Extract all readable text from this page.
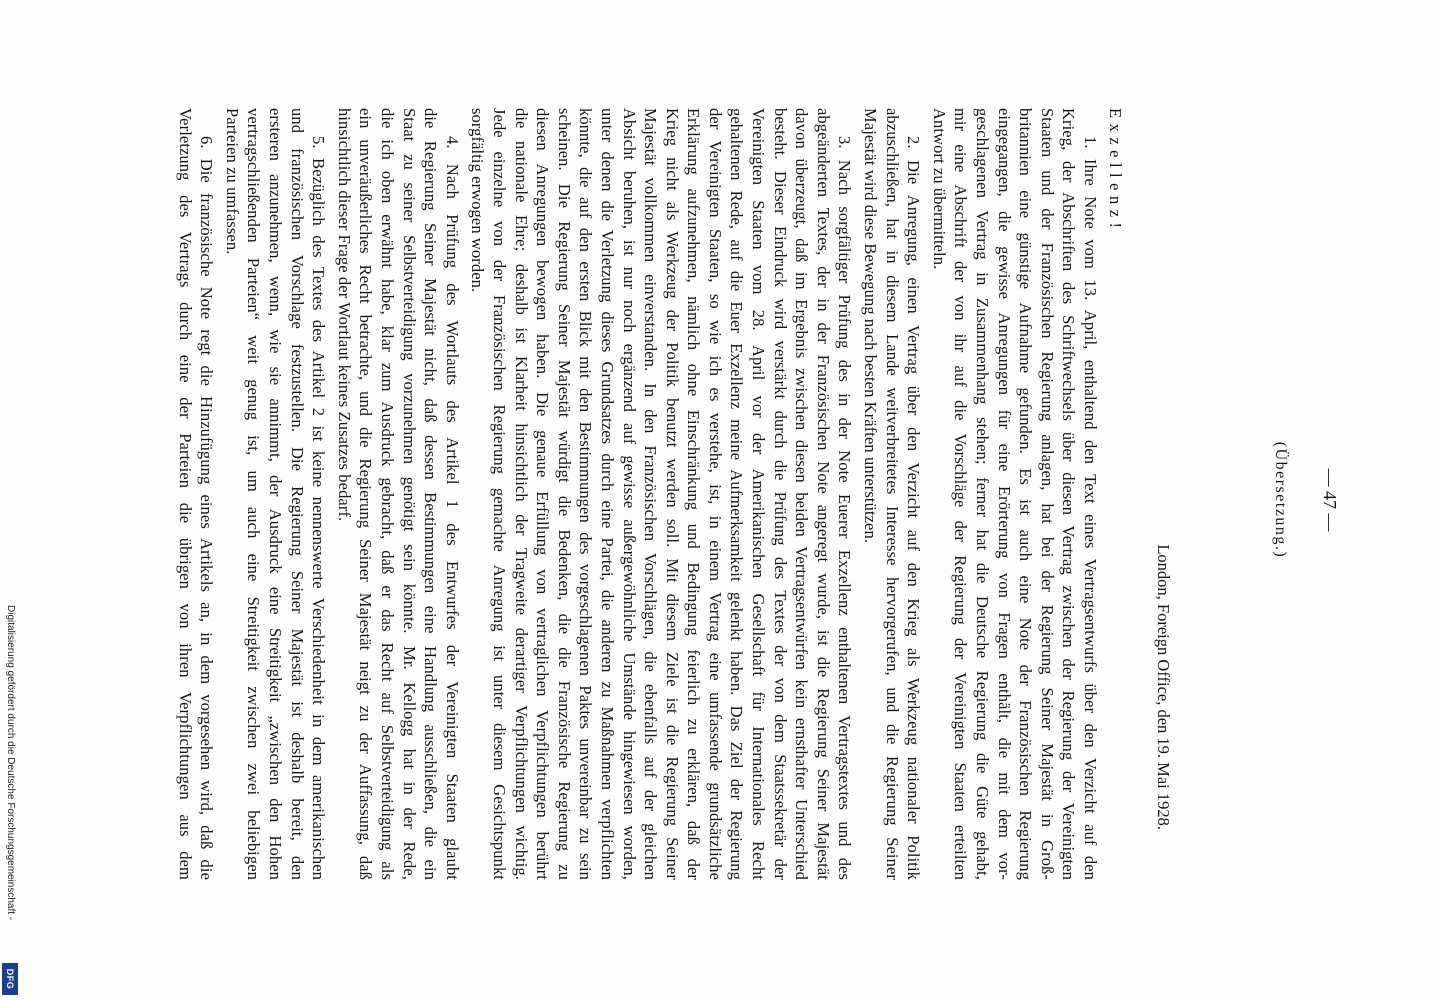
— 47 —
(Übersetzung.)
London, Foreign Office, den 19. Mai 1928.
Exzellenz!
1. Ihre Note vom 13. April, enthaltend den Text eines Vertragsentwurfs über den Verzicht auf den
Krieg, der Abschriften des Schriftwechsels über diesen Vertrag zwischen der Regierung der Vereinigten
Staaten und der Französischen Regierung anlagen, hat bei der Regierung Seiner Majestät in Groß-
britannien eine günstige Aufnahme gefunden. Es ist auch eine Note der Französischen Regierung
eingegangen, die gewisse Anregungen für eine Erörterung von Fragen enthält, die mit dem vor-
geschlagenen Vertrag in Zusammenhang stehen; ferner hat die Deutsche Regierung die Güte gehabt,
mir eine Abschrift der von ihr auf die Vorschläge der Regierung der Vereinigten Staaten erteilten
Antwort zu übermitteln.
2. Die Anregung, einen Vertrag über den Verzicht auf den Krieg als Werkzeug nationaler Politik
abzuschließen, hat in diesem Lande weitverbreitetes Interesse hervorgerufen, und die Regierung Seiner
Majestät wird diese Bewegung nach besten Kräften unterstützen.
3. Nach sorgfältiger Prüfung des in der Note Euerer Exzellenz enthaltenen Vertragstextes und des
abgeänderten Textes, der in der Französischen Note angeregt wurde, ist die Regierung Seiner Majestät
davon überzeugt, daß im Ergebnis zwischen diesen beiden Vertragsentwürfen kein ernsthafter Unterschied
besteht. Dieser Eindruck wird verstärkt durch die Prüfung des Textes der von dem Staatssekretär der
Vereinigten Staaten vom 28. April vor der Amerikanischen Gesellschaft für Internationales Recht
gehaltenen Rede, auf die Euer Exzellenz meine Aufmerksamkeit gelenkt haben. Das Ziel der Regierung
der Vereinigten Staaten, so wie ich es verstehe, ist, in einem Vertrag eine umfassende grundsätzliche
Erklärung aufzunehmen, nämlich ohne Einschränkung und Bedingung feierlich zu erklären, daß der
Krieg nicht als Werkzeug der Politik benutzt werden soll. Mit diesem Ziele ist die Regierung Seiner
Majestät vollkommen einverstanden. In den Französischen Vorschlägen, die ebenfalls auf der gleichen
Absicht beruhen, ist nur noch ergänzend auf gewisse außergewöhnliche Umstände hingewiesen worden,
unter denen die Verletzung dieses Grundsatzes durch eine Partei, die anderen zu Maßnahmen verpflichten
könnte, die auf den ersten Blick mit den Bestimmungen des vorgeschlagenen Paktes unvereinbar zu sein
scheinen. Die Regierung Seiner Majestät würdigt die Bedenken, die die Französische Regierung zu
diesen Anregungen bewogen haben. Die genaue Erfüllung von vertraglichen Verpflichtungen berührt
die nationale Ehre; deshalb ist Klarheit hinsichtlich der Tragweite derartiger Verpflichtungen wichtig.
Jede einzelne von der Französischen Regierung gemachte Anregung ist unter diesem Gesichtspunkt
sorgfältig erwogen worden.
4. Nach Prüfung des Wortlauts des Artikel 1 des Entwurfes der Vereinigten Staaten glaubt
die Regierung Seiner Majestät nicht, daß dessen Bestimmungen eine Handlung ausschließen, die ein
Staat zu seiner Selbstverteidigung vorzunehmen genötigt sein könnte. Mr. Kellogg hat in der Rede,
die ich oben erwähnt habe, klar zum Ausdruck gebracht, daß er das Recht auf Selbstverteidigung als
ein unveräußerliches Recht betrachte, und die Regierung Seiner Majestät neigt zu der Auffassung, daß
hinsichtlich dieser Frage der Wortlaut keines Zusatzes bedarf.
5. Bezüglich des Textes des Artikel 2 ist keine nennenswerte Verschiedenheit in dem amerikanischen
und französischen Vorschlage festzustellen. Die Regierung Seiner Majestät ist deshalb bereit, den
ersteren anzunehmen, wenn, wie sie annimmt, der Ausdruck eine Streitigkeit „zwischen den Hohen
vertragschließenden Parteien“ weit genug ist, um auch eine Streitigkeit zwischen zwei beliebigen
Parteien zu umfassen.
6. Die französische Note regt die Hinzufügung eines Artikels an, in dem vorgesehen wird, daß die
Verletzung des Vertrags durch eine der Parteien die übrigen von ihren Verpflichtungen aus dem
Digitalisierung gefördert durch die Deutsche Forschungsgemeinschaft -
DFG
